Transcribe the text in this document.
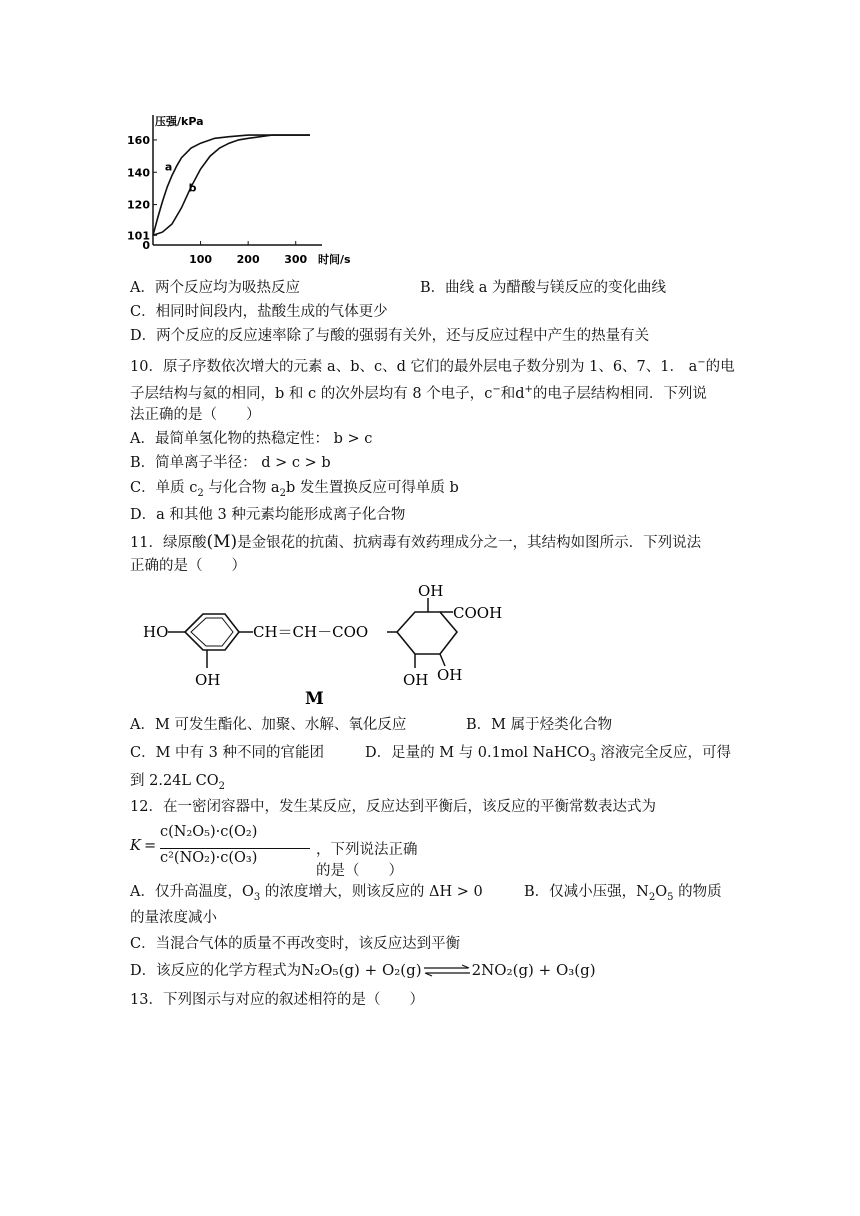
压强/kPa
时间/s
160
140
120
101
0
100 200 300
a
b
A．两个反应均为吸热反应	B．曲线 a 为醋酸与镁反应的变化曲线
C．相同时间段内，盐酸生成的气体更少
D．两个反应的反应速率除了与酸的强弱有关外，还与反应过程中产生的热量有关
10．原子序数依次增大的元素 a、b、c、d 它们的最外层电子数分别为 1、6、7、1． a−的电
子层结构与氦的相同，b 和 c 的次外层均有 8 个电子，c−和d+的电子层结构相同．下列说
法正确的是（　　）
A．最简单氢化物的热稳定性： b > c
B．简单离子半径： d > c > b
C．单质 $c_2$ 与化合物 $a_2b$ 发生置换反应可得单质 b
D．a 和其他 3 种元素均能形成离子化合物
11．绿原酸(M)是金银花的抗菌、抗病毒有效药理成分之一，其结构如图所示．下列说法
正确的是（　　）
HO
OH
CH＝CH－COO
OH
COOH
OH OH
M
A．M 可发生酯化、加聚、水解、氧化反应	B．M 属于烃类化合物
C．M 中有 3 种不同的官能团	D．足量的 M 与 0.1mol NaHCO$_3$ 溶液完全反应，可得
到 2.24L $CO_2$
12．在一密闭容器中，发生某反应，反应达到平衡后，该反应的平衡常数表达式为
K =
c(N₂O₅)·c(O₂)
c²(NO₂)·c(O₃)	，下列说法正确的是（　　）
A．仅升高温度，$O_3$ 的浓度增大，则该反应的 ΔH > 0	B．仅减小压强，$N_2O_5$ 的物质
的量浓度减小
C．当混合气体的质量不再改变时，该反应达到平衡
D．该反应的化学方程式为N₂O₅(g) + O₂(g)⇌2NO₂(g) + O₃(g)
13．下列图示与对应的叙述相符的是（　　）
